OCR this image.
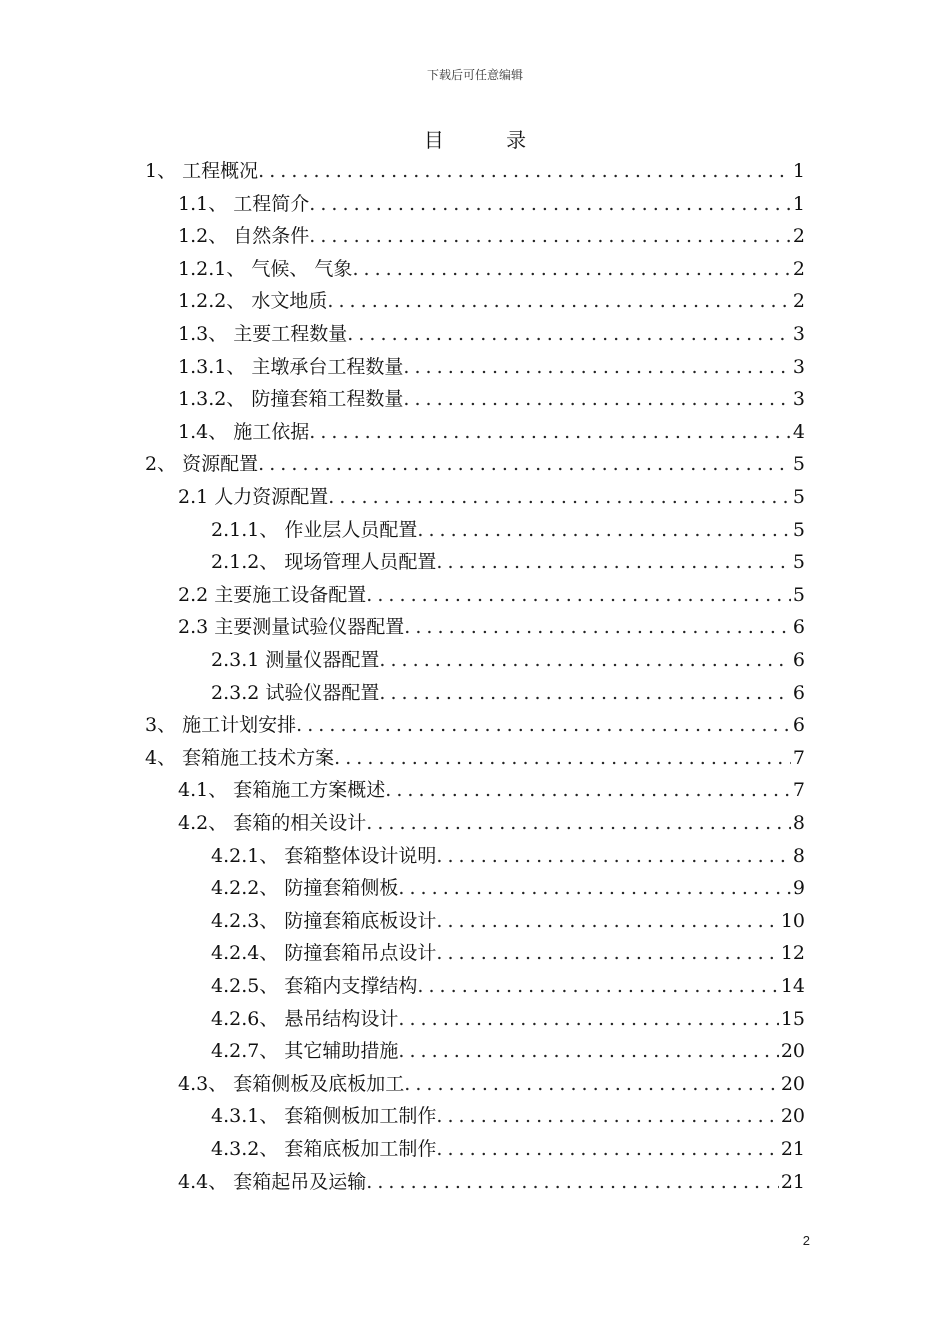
下载后可任意编辑
目 录
1、 工程概况 . . .	1
1.1、 工程简介 . . .	1
1.2、 自然条件 . . .	2
1.2.1、 气候、 气象 . . .	2
1.2.2、 水文地质 . . .	2
1.3、 主要工程数量 . . .	3
1.3.1、 主墩承台工程数量 . . .	3
1.3.2、 防撞套箱工程数量 . . .	3
1.4、 施工依据 . . .	4
2、 资源配置 . . .	5
2.1 人力资源配置 . . .	5
2.1.1、 作业层人员配置 . . .	5
2.1.2、 现场管理人员配置 . . .	5
2.2 主要施工设备配置 . . .	5
2.3 主要测量试验仪器配置 . . .	6
2.3.1 测量仪器配置 . . .	6
2.3.2 试验仪器配置 . . .	6
3、 施工计划安排 . . .	6
4、 套箱施工技术方案 . . .	7
4.1、 套箱施工方案概述 . . .	7
4.2、 套箱的相关设计 . . .	8
4.2.1、 套箱整体设计说明 . . .	8
4.2.2、 防撞套箱侧板 . . .	9
4.2.3、 防撞套箱底板设计 . . .	10
4.2.4、 防撞套箱吊点设计 . . .	12
4.2.5、 套箱内支撑结构 . . .	14
4.2.6、 悬吊结构设计 . . .	15
4.2.7、 其它辅助措施 . . .	20
4.3、 套箱侧板及底板加工 . . .	20
4.3.1、 套箱侧板加工制作 . . .	20
4.3.2、 套箱底板加工制作 . . .	21
4.4、 套箱起吊及运输 . . .	21
2
